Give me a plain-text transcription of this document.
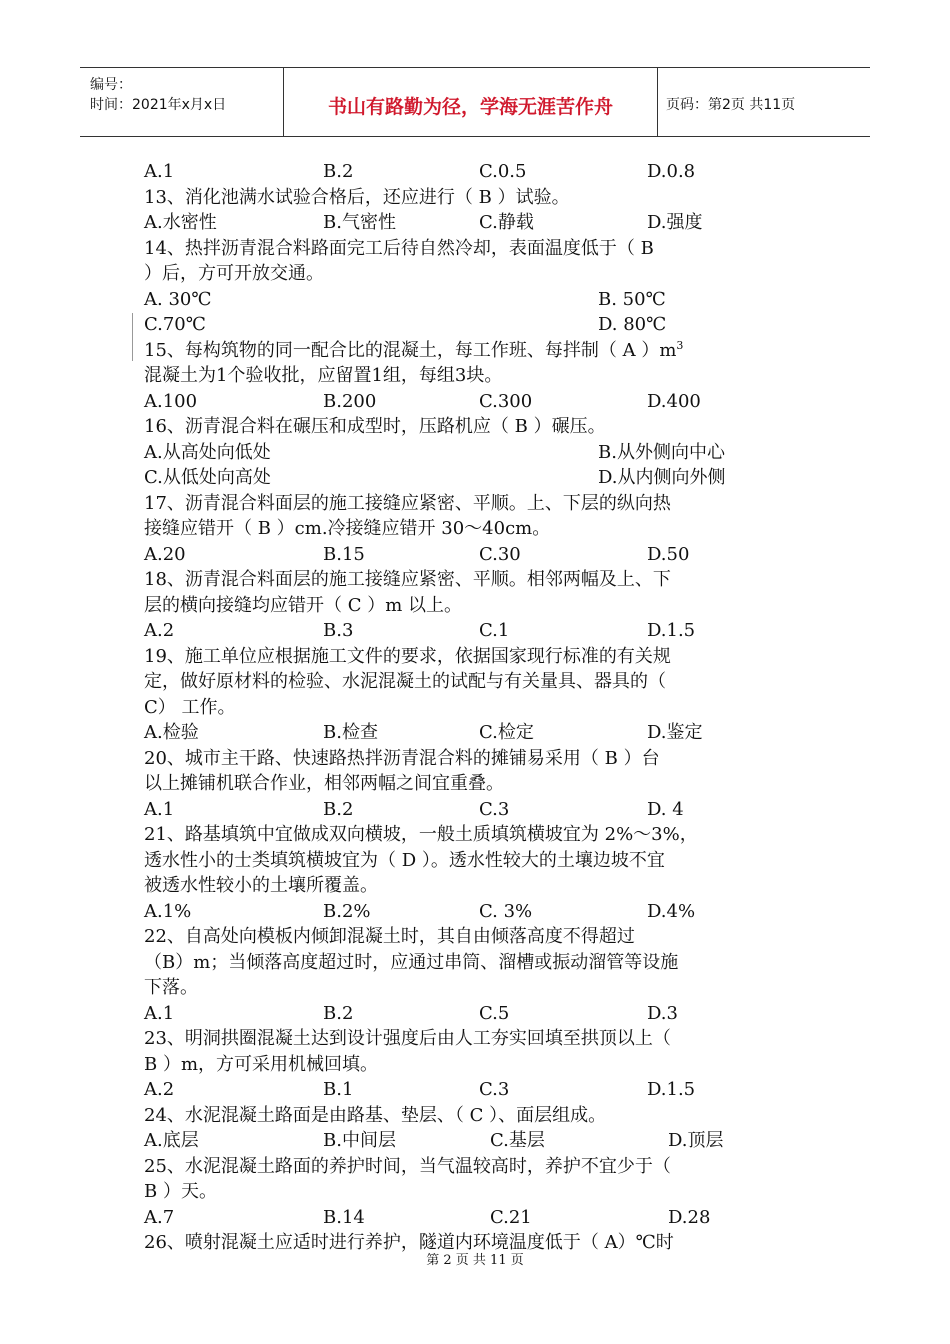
编号：
时间：2021年x月x日	书山有路勤为径，学海无涯苦作舟	页码：第2页 共11页
A.1	B.2	C.0.5	D.0.8
13、消化池满水试验合格后，还应进行（ B ）试验。
A.水密性	B.气密性	C.静载	D.强度
14、热拌沥青混合料路面完工后待自然冷却，表面温度低于（ B
）后，方可开放交通。
A. 30℃	B. 50℃
C.70℃	D. 80℃
15、每构筑物的同一配合比的混凝土，每工作班、每拌制（ A ）$m^3$
混凝土为1个验收批，应留置1组，每组3块。
A.100	B.200	C.300	D.400
16、沥青混合料在碾压和成型时，压路机应（ B ）碾压。
A.从高处向低处	B.从外侧向中心
C.从低处向高处	D.从内侧向外侧
17、沥青混合料面层的施工接缝应紧密、平顺。上、下层的纵向热
接缝应错开（ B ）cm.冷接缝应错开 30～40cm。
A.20	B.15	C.30	D.50
18、沥青混合料面层的施工接缝应紧密、平顺。相邻两幅及上、下
层的横向接缝均应错开（ C ）m 以上。
A.2	B.3	C.1	D.1.5
19、施工单位应根据施工文件的要求，依据国家现行标准的有关规
定，做好原材料的检验、水泥混凝土的试配与有关量具、器具的（
C） 工作。
A.检验	B.检查	C.检定	D.鉴定
20、城市主干路、快速路热拌沥青混合料的摊铺易采用（ B ）台
以上摊铺机联合作业，相邻两幅之间宜重叠。
A.1	B.2	C.3	D. 4
21、路基填筑中宜做成双向横坡，一般土质填筑横坡宜为 2%～3%，
透水性小的士类填筑横坡宜为（ D ）。透水性较大的土壤边坡不宜
被透水性较小的土壤所覆盖。
A.1%	B.2%	C. 3%	D.4%
22、自高处向模板内倾卸混凝土时，其自由倾落高度不得超过
（B）m；当倾落高度超过时，应通过串筒、溜槽或振动溜管等设施
下落。
A.1	B.2	C.5	D.3
23、明洞拱圈混凝土达到设计强度后由人工夯实回填至拱顶以上（
B ）m，方可采用机械回填。
A.2	B.1	C.3	D.1.5
24、水泥混凝土路面是由路基、垫层、（ C ）、面层组成。
A.底层	B.中间层	C.基层	D.顶层
25、水泥混凝土路面的养护时间，当气温较高时，养护不宜少于（
B ）天。
A.7	B.14	C.21	D.28
26、喷射混凝土应适时进行养护，隧道内环境温度低于（ A）℃时
第 2 页 共 11 页
